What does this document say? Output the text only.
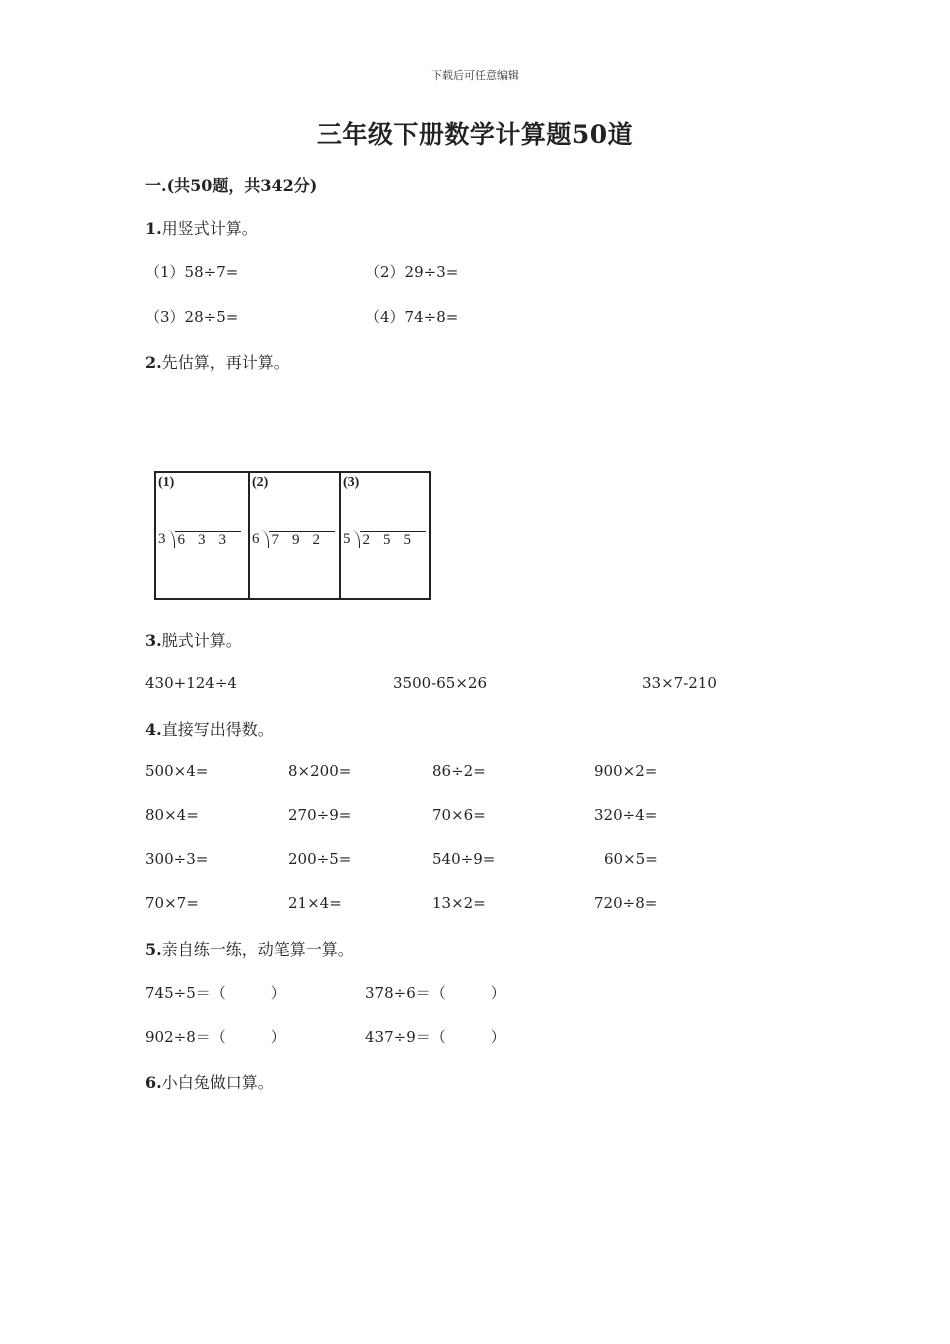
下载后可任意编辑
三年级下册数学计算题50道
一.(共50题，共342分)
1.用竖式计算。
（1）58÷7=	（2）29÷3=
（3）28÷5=	（4）74÷8=
2.先估算，再计算。
(1)
3 633
(2)
6 792
(3)
5 255
3.脱式计算。
430+124÷4	3500-65×26	33×7-210
4.直接写出得数。
500×4=	8×200=	86÷2=	900×2=
80×4=	270÷9=	70×6=	320÷4=
300÷3=	200÷5=	540÷9=	60×5=
70×7=	21×4=	13×2=	720÷8=
5.亲自练一练，动笔算一算。
745÷5＝（　　　）	378÷6＝（　　　）
902÷8＝（　　　）	437÷9＝（　　　）
6.小白兔做口算。
